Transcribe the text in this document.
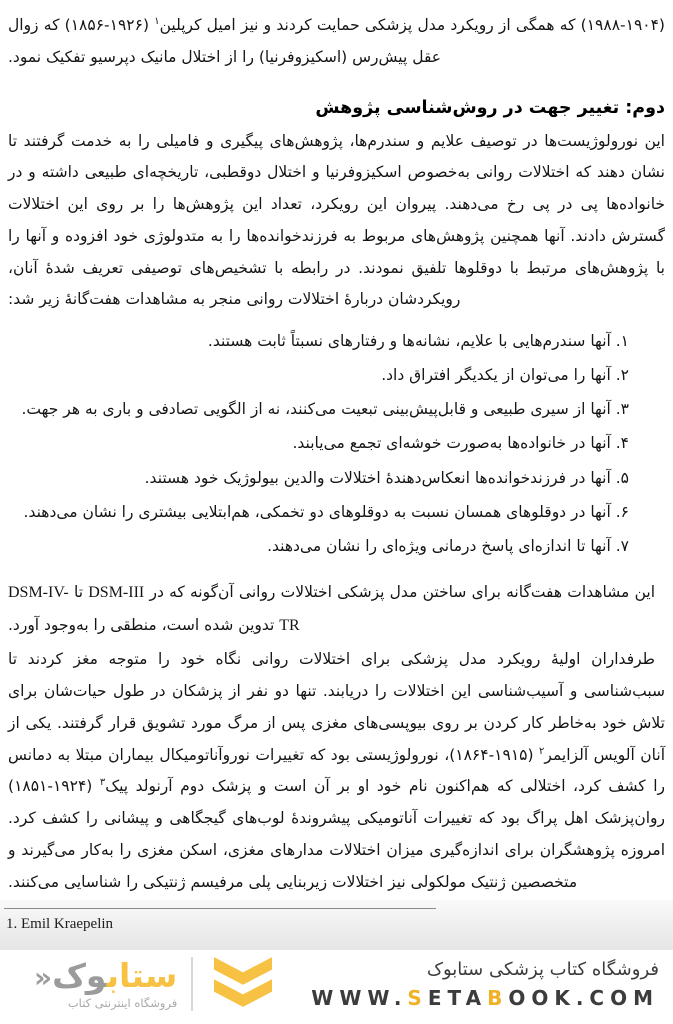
(۱۹۸۸-۱۹۰۴) که همگی از رویکرد مدل پزشکی حمایت کردند و نیز امیل کرپلین$^۱$ (۱۹۲۶-۱۸۵۶) که زوال عقل پیش‌رس (اسکیزوفرنیا) را از اختلال مانیک دپرسیو تفکیک نمود.

دوم: تغییر جهت در روش‌شناسی پژوهش

این نورولوژیست‌ها در توصیف علایم و سندرم‌ها، پژوهش‌های پیگیری و فامیلی را به خدمت گرفتند تا نشان دهند که اختلالات روانی به‌خصوص اسکیزوفرنیا و اختلال دوقطبی، تاریخچه‌ای طبیعی داشته و در خانواده‌ها پی در پی رخ می‌دهند. پیروان این رویکرد، تعداد این پژوهش‌ها را بر روی این اختلالات گسترش دادند. آنها همچنین پژوهش‌های مربوط به فرزندخوانده‌ها را به متدولوژی خود افزوده و آنها را با پژوهش‌های مرتبط با دوقلوها تلفیق نمودند. در رابطه با تشخیص‌های توصیفی تعریف شدهٔ آنان، رویکردشان دربارهٔ اختلالات روانی منجر به مشاهدات هفت‌گانهٔ زیر شد:

۱. آنها سندرم‌هایی با علایم، نشانه‌ها و رفتارهای نسبتاً ثابت هستند.
۲. آنها را می‌توان از یکدیگر افتراق داد.
۳. آنها از سیری طبیعی و قابل‌پیش‌بینی تبعیت می‌کنند، نه از الگویی تصادفی و باری به هر جهت.
۴. آنها در خانواده‌ها به‌صورت خوشه‌ای تجمع می‌یابند.
۵. آنها در فرزندخوانده‌ها انعکاس‌دهندهٔ اختلالات والدین بیولوژیک خود هستند.
۶. آنها در دوقلوهای همسان نسبت به دوقلوهای دو تخمکی، هم‌ابتلایی بیشتری را نشان می‌دهند.
۷. آنها تا اندازه‌ای پاسخ درمانی ویژه‌ای را نشان می‌دهند.

این مشاهدات هفت‌گانه برای ساختن مدل پزشکی اختلالات روانی آن‌گونه که در DSM-III تا DSM-IV-TR تدوین شده است، منطقی را به‌وجود آورد.

طرفداران اولیهٔ رویکرد مدل پزشکی برای اختلالات روانی نگاه خود را متوجه مغز کردند تا سبب‌شناسی و آسیب‌شناسی این اختلالات را دریابند. تنها دو نفر از پزشکان در طول حیات‌شان برای تلاش خود به‌خاطر کار کردن بر روی بیوپسی‌های مغزی پس از مرگ مورد تشویق قرار گرفتند. یکی از آنان آلویس آلزایمر$^۲$ (۱۹۱۵-۱۸۶۴)، نورولوژیستی بود که تغییرات نوروآناتومیکال بیماران مبتلا به دمانس را کشف کرد، اختلالی که هم‌اکنون نام خود او بر آن است و پزشک دوم آرنولد پیک$^۳$ (۱۹۲۴-۱۸۵۱) روان‌پزشک اهل پراگ بود که تغییرات آناتومیکی پیشروندهٔ لوب‌های گیجگاهی و پیشانی را کشف کرد. امروزه پژوهشگران برای اندازه‌گیری میزان اختلالات مدارهای مغزی، اسکن مغزی را به‌کار می‌گیرند و متخصصین ژنتیک مولکولی نیز اختلالات زیربنایی پلی مرفیسم ژنتیکی را شناسایی می‌کنند.

1. Emil Kraepelin
ستابوک«
فروشگاه اینترنتی کتاب
فروشگاه کتاب پزشکی ستابوک
WWW.SETABOOK.COM
